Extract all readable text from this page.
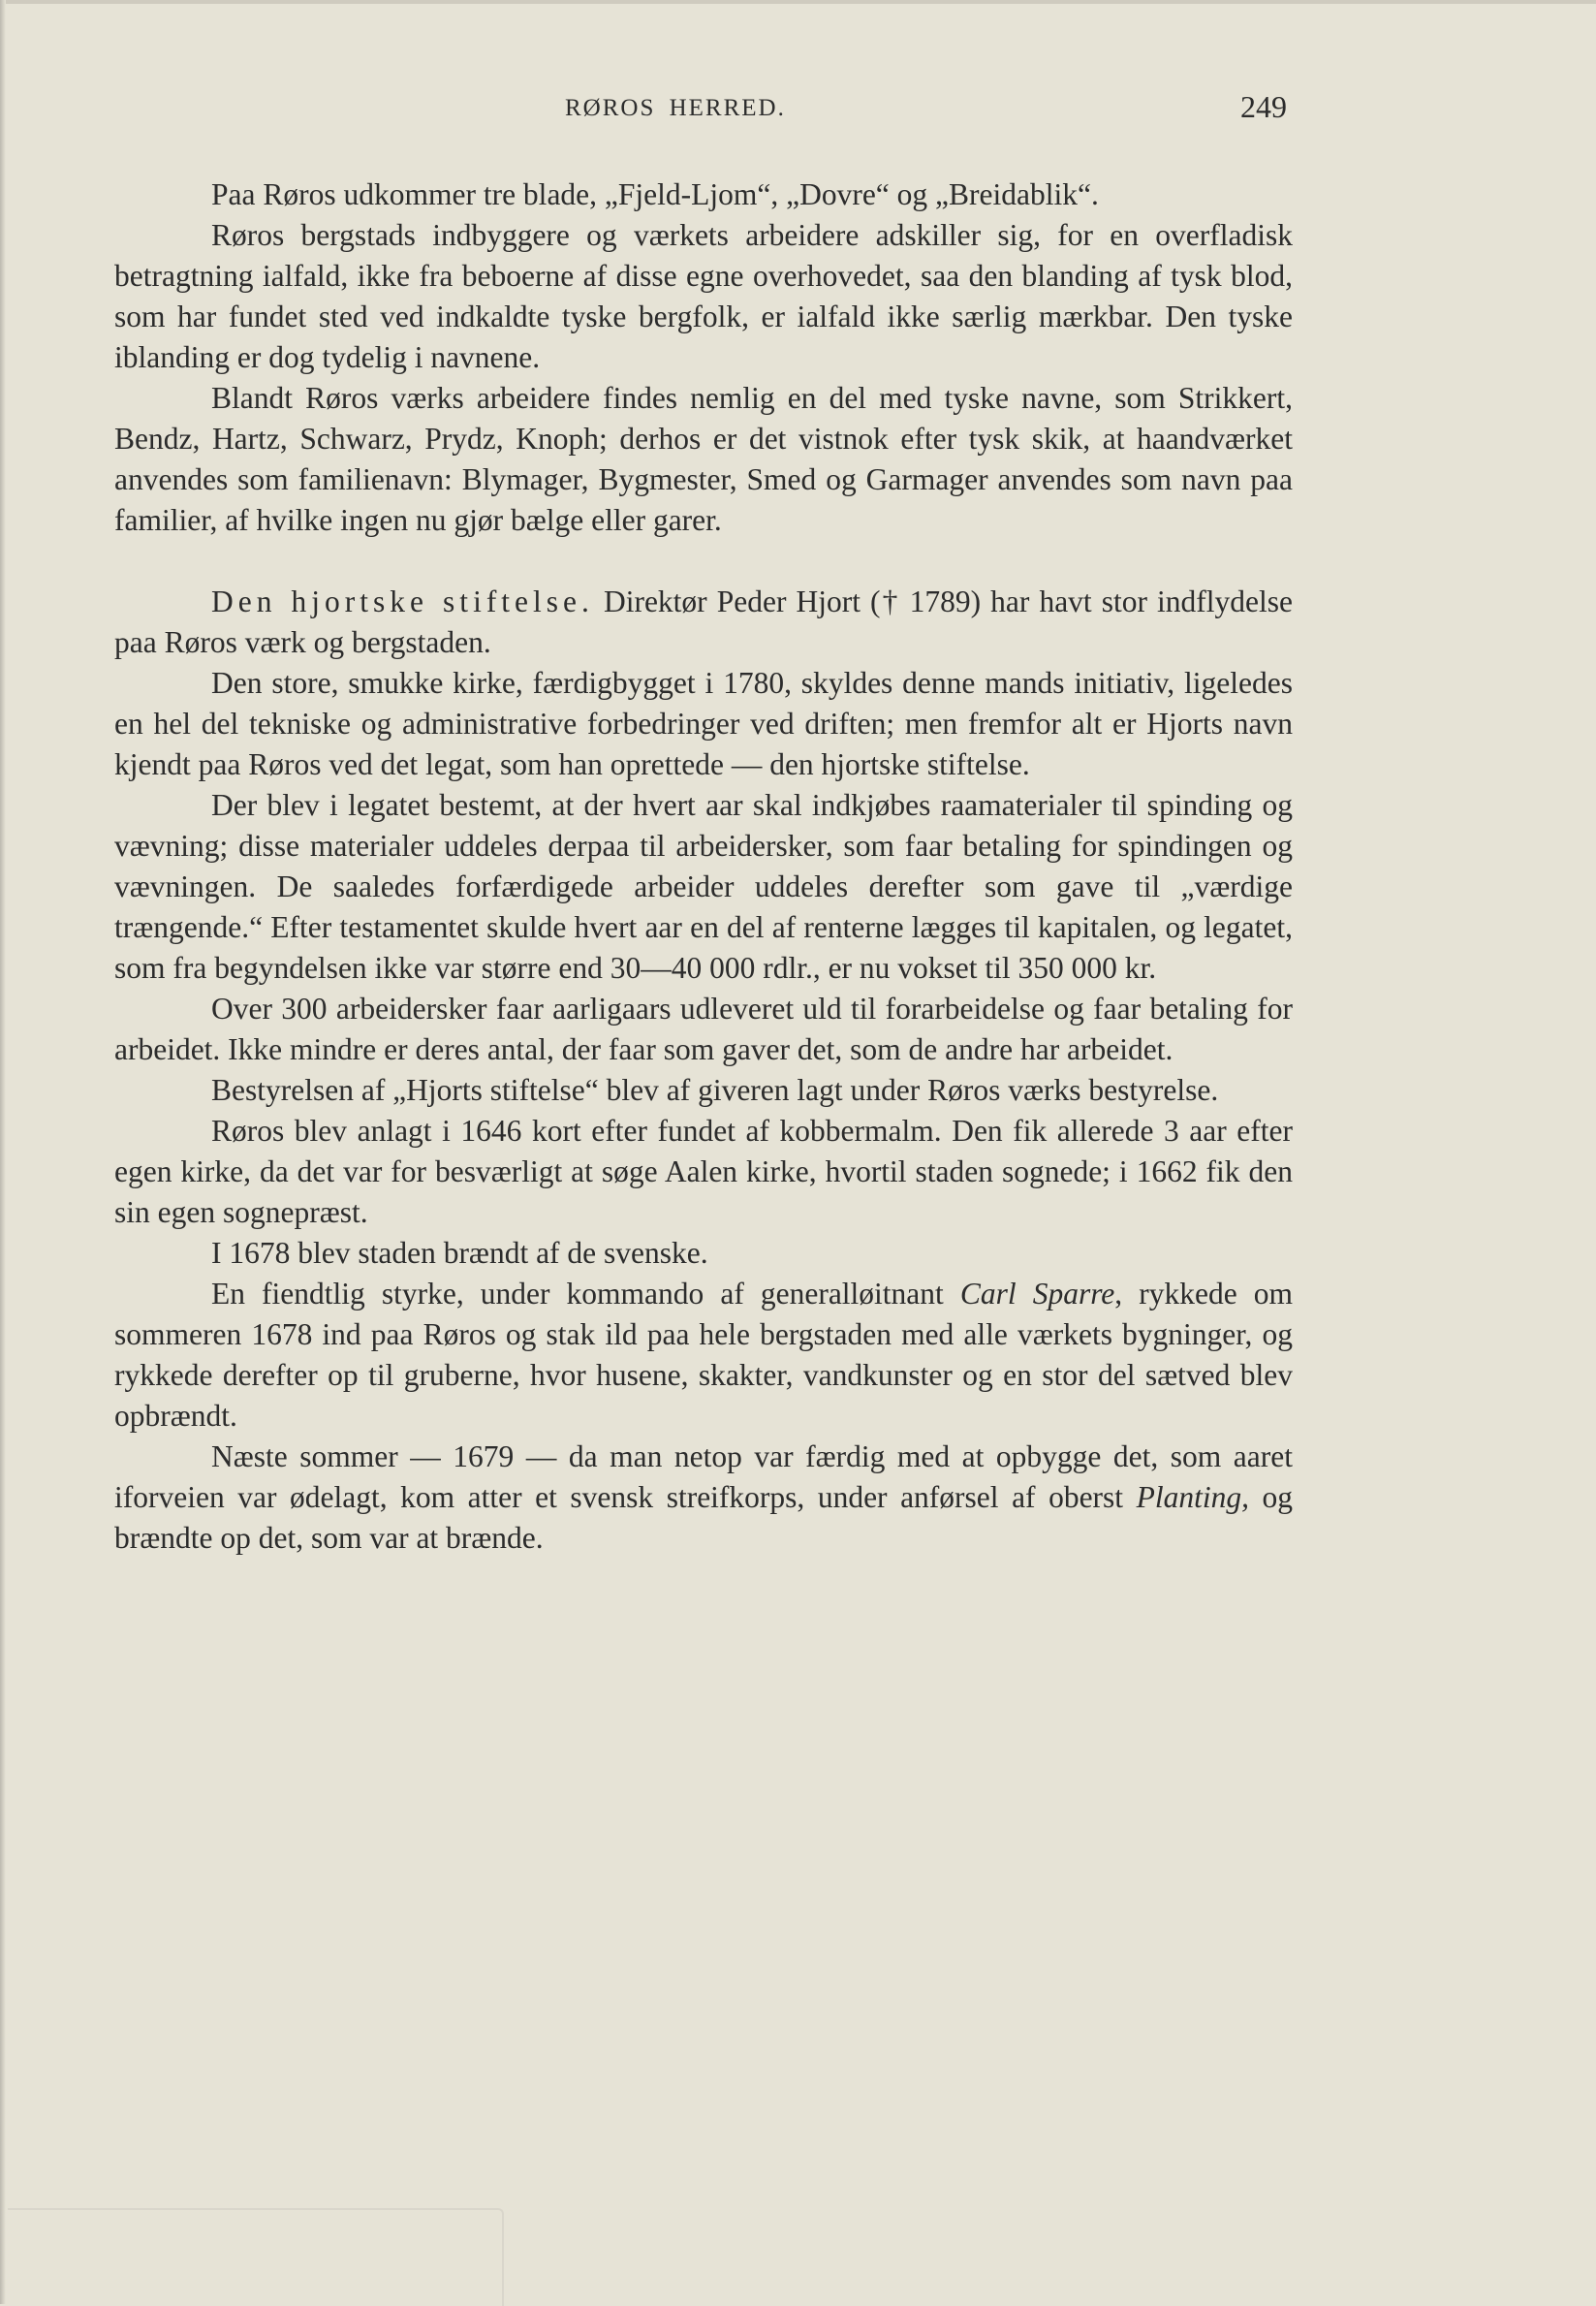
RØROS HERRED.	249

Paa Røros udkommer tre blade, „Fjeld-Ljom“, „Dovre“ og „Breidablik“.

Røros bergstads indbyggere og værkets arbeidere adskiller sig, for en overfladisk betragtning ialfald, ikke fra beboerne af disse egne overhovedet, saa den blanding af tysk blod, som har fundet sted ved indkaldte tyske bergfolk, er ialfald ikke særlig mærkbar. Den tyske iblanding er dog tydelig i navnene.

Blandt Røros værks arbeidere findes nemlig en del med tyske navne, som Strikkert, Bendz, Hartz, Schwarz, Prydz, Knoph; derhos er det vistnok efter tysk skik, at haandværket anvendes som familienavn: Blymager, Bygmester, Smed og Garmager anvendes som navn paa familier, af hvilke ingen nu gjør bælge eller garer.

Den hjortske stiftelse. Direktør Peder Hjort († 1789) har havt stor indflydelse paa Røros værk og bergstaden.

Den store, smukke kirke, færdigbygget i 1780, skyldes denne mands initiativ, ligeledes en hel del tekniske og administrative forbedringer ved driften; men fremfor alt er Hjorts navn kjendt paa Røros ved det legat, som han oprettede — den hjortske stiftelse.

Der blev i legatet bestemt, at der hvert aar skal indkjøbes raamaterialer til spinding og vævning; disse materialer uddeles derpaa til arbeidersker, som faar betaling for spindingen og vævningen. De saaledes forfærdigede arbeider uddeles derefter som gave til „værdige trængende.“ Efter testamentet skulde hvert aar en del af renterne lægges til kapitalen, og legatet, som fra begyndelsen ikke var større end 30—40 000 rdlr., er nu vokset til 350 000 kr.

Over 300 arbeidersker faar aarligaars udleveret uld til forarbeidelse og faar betaling for arbeidet. Ikke mindre er deres antal, der faar som gaver det, som de andre har arbeidet.

Bestyrelsen af „Hjorts stiftelse“ blev af giveren lagt under Røros værks bestyrelse.

Røros blev anlagt i 1646 kort efter fundet af kobbermalm. Den fik allerede 3 aar efter egen kirke, da det var for besværligt at søge Aalen kirke, hvortil staden sognede; i 1662 fik den sin egen sognepræst.

I 1678 blev staden brændt af de svenske.

En fiendtlig styrke, under kommando af generalløitnant Carl Sparre, rykkede om sommeren 1678 ind paa Røros og stak ild paa hele bergstaden med alle værkets bygninger, og rykkede derefter op til gruberne, hvor husene, skakter, vandkunster og en stor del sætved blev opbrændt.

Næste sommer — 1679 — da man netop var færdig med at opbygge det, som aaret iforveien var ødelagt, kom atter et svensk streifkorps, under anførsel af oberst Planting, og brændte op det, som var at brænde.
